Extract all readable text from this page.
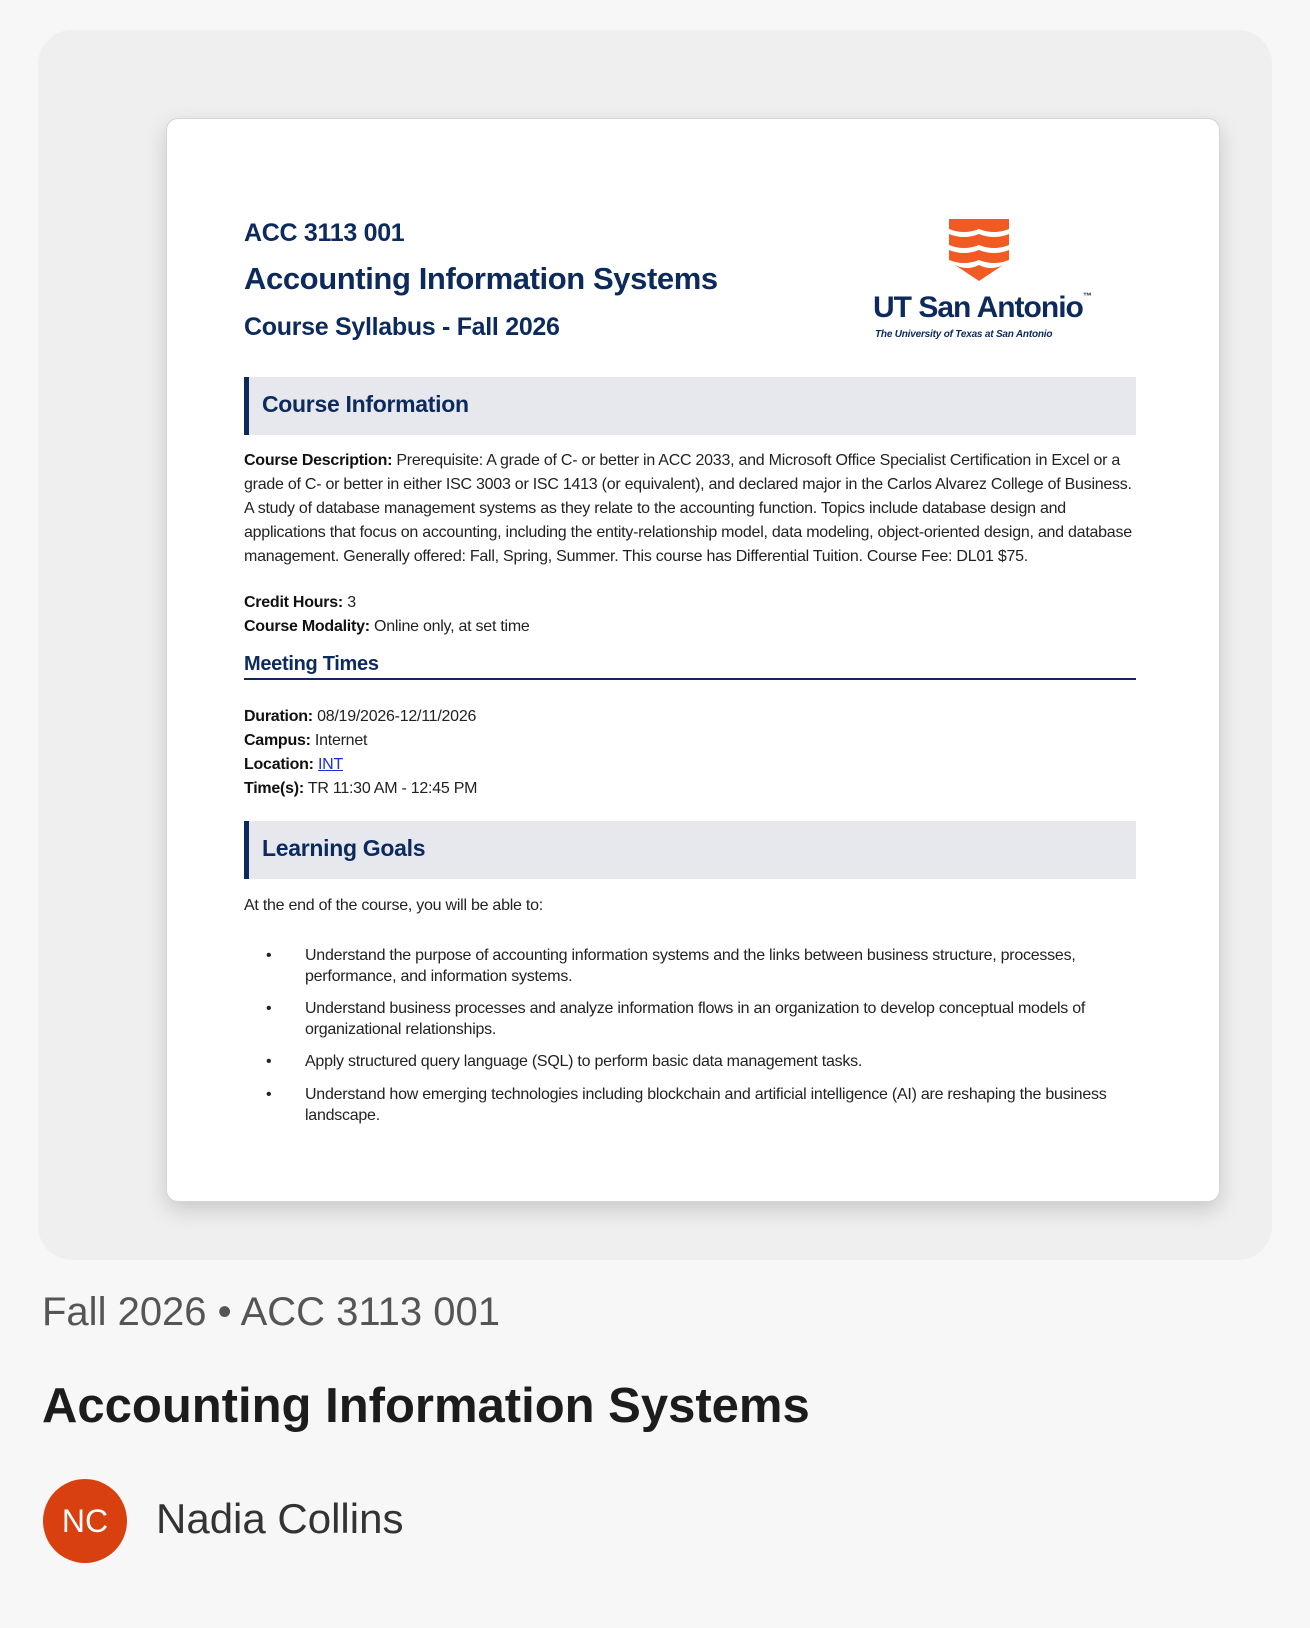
ACC 3113 001
Accounting Information Systems
Course Syllabus - Fall 2026
UT San Antonio™
The University of Texas at San Antonio
Course Information
Course Description: Prerequisite: A grade of C- or better in ACC 2033, and Microsoft Office Specialist Certification in Excel or a grade of C- or better in either ISC 3003 or ISC 1413 (or equivalent), and declared major in the Carlos Alvarez College of Business. A study of database management systems as they relate to the accounting function. Topics include database design and applications that focus on accounting, including the entity-relationship model, data modeling, object-oriented design, and database management. Generally offered: Fall, Spring, Summer. This course has Differential Tuition. Course Fee: DL01 $75.
Credit Hours: 3
Course Modality: Online only, at set time
Meeting Times
Duration: 08/19/2026-12/11/2026
Campus: Internet
Location: INT
Time(s): TR 11:30 AM - 12:45 PM
Learning Goals
At the end of the course, you will be able to:
• Understand the purpose of accounting information systems and the links between business structure, processes, performance, and information systems.
• Understand business processes and analyze information flows in an organization to develop conceptual models of organizational relationships.
• Apply structured query language (SQL) to perform basic data management tasks.
• Understand how emerging technologies including blockchain and artificial intelligence (AI) are reshaping the business landscape.
Fall 2026 • ACC 3113 001
Accounting Information Systems
NC	Nadia Collins
